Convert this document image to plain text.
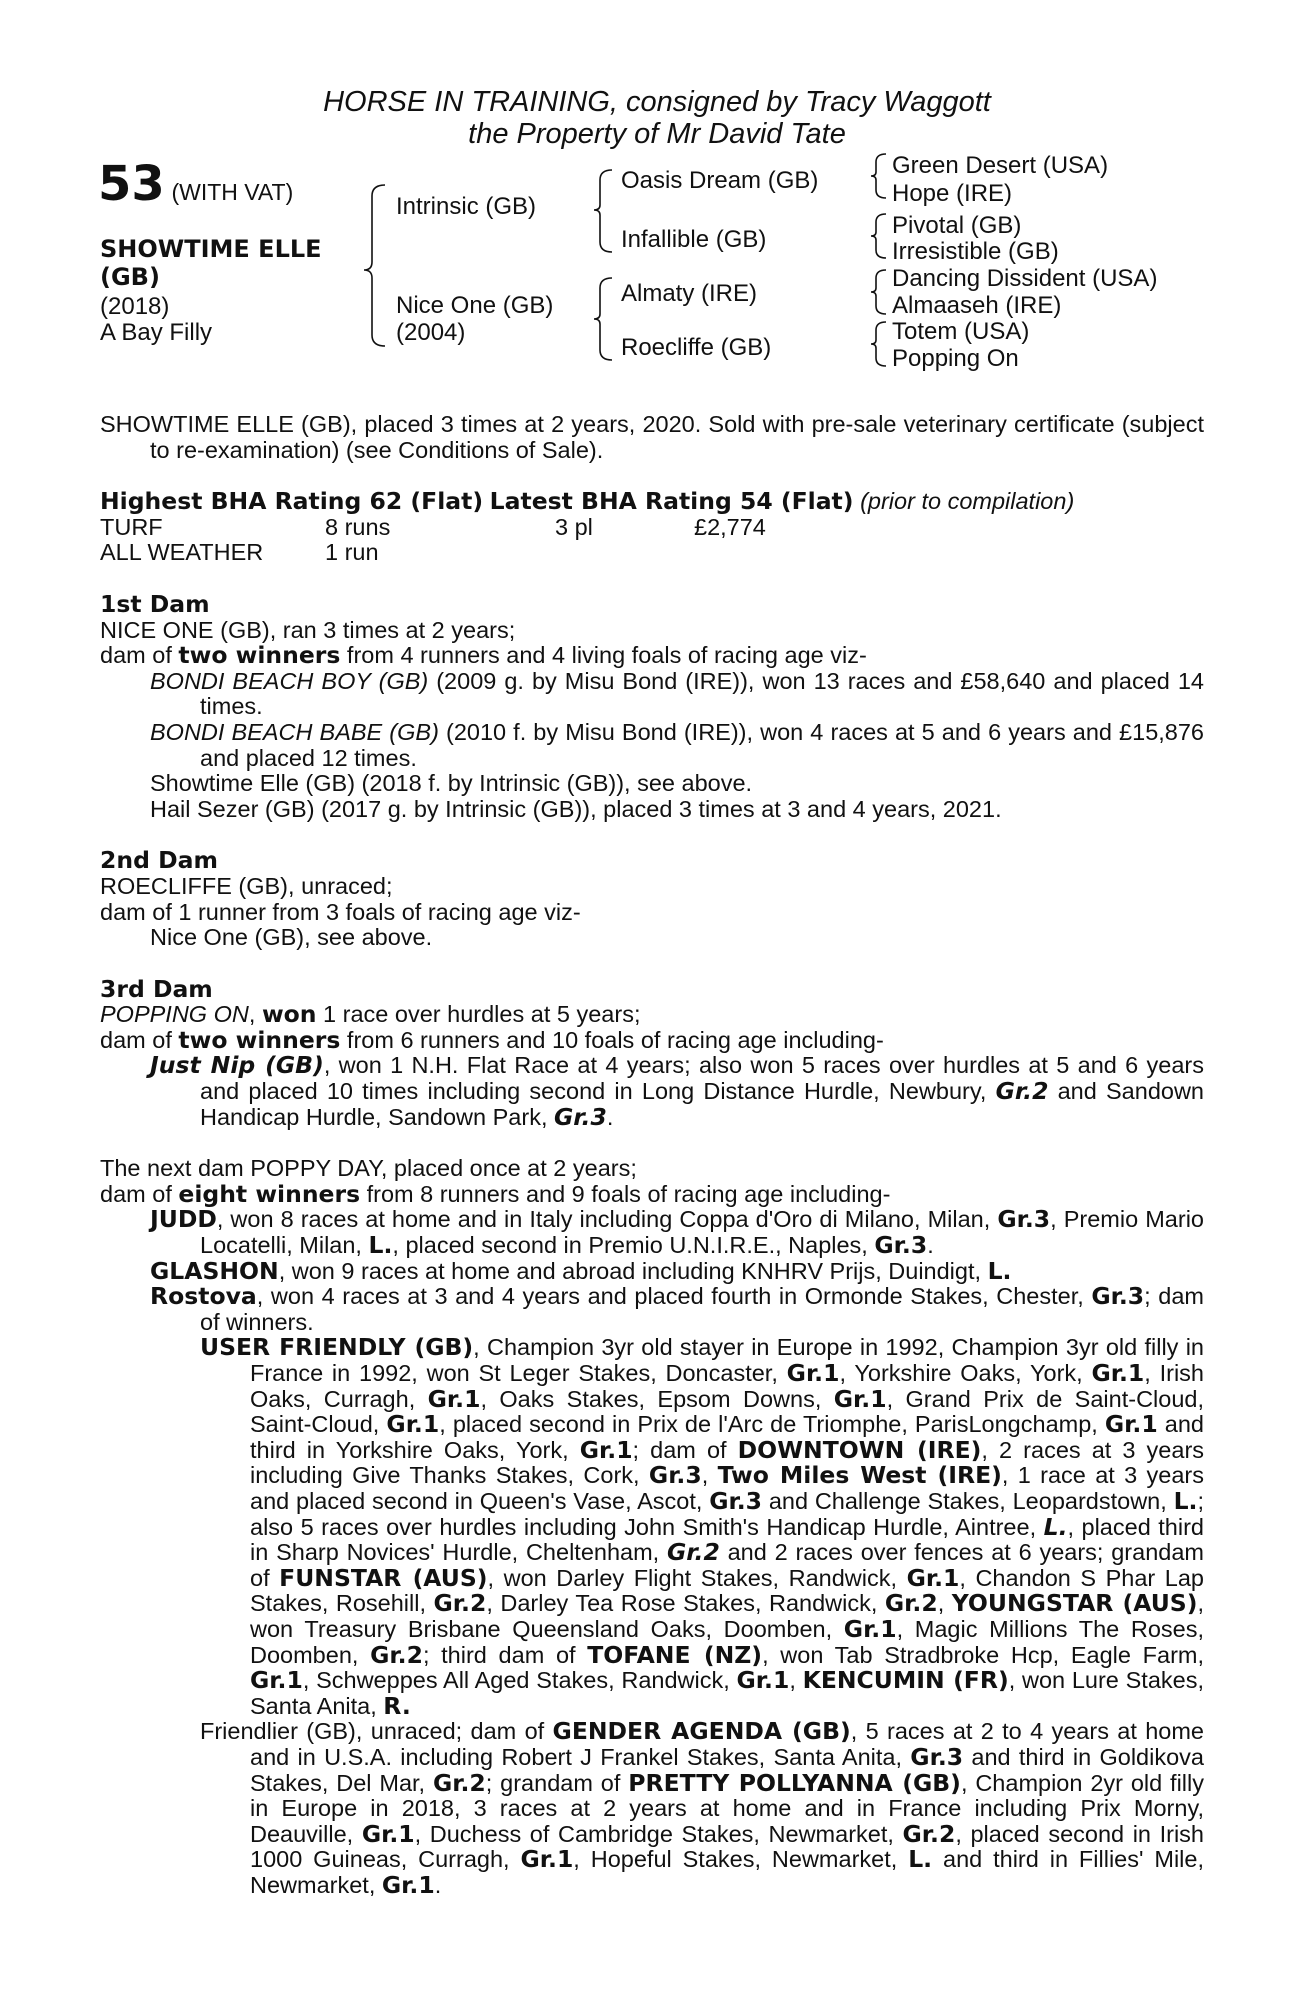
HORSE IN TRAINING, consigned by Tracy Waggott
the Property of Mr David Tate
53 (WITH VAT)
SHOWTIME ELLE
(GB)
(2018)
A Bay Filly
Intrinsic (GB)
Nice One (GB)
(2004)
Oasis Dream (GB)
Infallible (GB)
Almaty (IRE)
Roecliffe (GB)
Green Desert (USA)
Hope (IRE)
Pivotal (GB)
Irresistible (GB)
Dancing Dissident (USA)
Almaaseh (IRE)
Totem (USA)
Popping On

SHOWTIME ELLE (GB), placed 3 times at 2 years, 2020. Sold with pre-sale veterinary certificate (subject to re-examination) (see Conditions of Sale).

Highest BHA Rating 62 (Flat) Latest BHA Rating 54 (Flat) (prior to compilation)

TURF	8 runs	3 pl	£2,774
ALL WEATHER	1 run

1st Dam

NICE ONE (GB), ran 3 times at 2 years;

dam of two winners from 4 runners and 4 living foals of racing age viz-

BONDI BEACH BOY (GB) (2009 g. by Misu Bond (IRE)), won 13 races and £58,640 and placed 14 times.

BONDI BEACH BABE (GB) (2010 f. by Misu Bond (IRE)), won 4 races at 5 and 6 years and £15,876 and placed 12 times.

Showtime Elle (GB) (2018 f. by Intrinsic (GB)), see above.

Hail Sezer (GB) (2017 g. by Intrinsic (GB)), placed 3 times at 3 and 4 years, 2021.

2nd Dam

ROECLIFFE (GB), unraced;

dam of 1 runner from 3 foals of racing age viz-

Nice One (GB), see above.

3rd Dam

POPPING ON, won 1 race over hurdles at 5 years;

dam of two winners from 6 runners and 10 foals of racing age including-

Just Nip (GB), won 1 N.H. Flat Race at 4 years; also won 5 races over hurdles at 5 and 6 years and placed 10 times including second in Long Distance Hurdle, Newbury, Gr.2 and Sandown Handicap Hurdle, Sandown Park, Gr.3.

The next dam POPPY DAY, placed once at 2 years;

dam of eight winners from 8 runners and 9 foals of racing age including-

JUDD, won 8 races at home and in Italy including Coppa d'Oro di Milano, Milan, Gr.3, Premio Mario Locatelli, Milan, L., placed second in Premio U.N.I.R.E., Naples, Gr.3.

GLASHON, won 9 races at home and abroad including KNHRV Prijs, Duindigt, L.

Rostova, won 4 races at 3 and 4 years and placed fourth in Ormonde Stakes, Chester, Gr.3; dam of winners.

USER FRIENDLY (GB), Champion 3yr old stayer in Europe in 1992, Champion 3yr old filly in France in 1992, won St Leger Stakes, Doncaster, Gr.1, Yorkshire Oaks, York, Gr.1, Irish Oaks, Curragh, Gr.1, Oaks Stakes, Epsom Downs, Gr.1, Grand Prix de Saint-Cloud, Saint-Cloud, Gr.1, placed second in Prix de l'Arc de Triomphe, ParisLongchamp, Gr.1 and third in Yorkshire Oaks, York, Gr.1; dam of DOWNTOWN (IRE), 2 races at 3 years including Give Thanks Stakes, Cork, Gr.3, Two Miles West (IRE), 1 race at 3 years and placed second in Queen's Vase, Ascot, Gr.3 and Challenge Stakes, Leopardstown, L.; also 5 races over hurdles including John Smith's Handicap Hurdle, Aintree, L., placed third in Sharp Novices' Hurdle, Cheltenham, Gr.2 and 2 races over fences at 6 years; grandam of FUNSTAR (AUS), won Darley Flight Stakes, Randwick, Gr.1, Chandon S Phar Lap Stakes, Rosehill, Gr.2, Darley Tea Rose Stakes, Randwick, Gr.2, YOUNGSTAR (AUS), won Treasury Brisbane Queensland Oaks, Doomben, Gr.1, Magic Millions The Roses, Doomben, Gr.2; third dam of TOFANE (NZ), won Tab Stradbroke Hcp, Eagle Farm, Gr.1, Schweppes All Aged Stakes, Randwick, Gr.1, KENCUMIN (FR), won Lure Stakes, Santa Anita, R.

Friendlier (GB), unraced; dam of GENDER AGENDA (GB), 5 races at 2 to 4 years at home and in U.S.A. including Robert J Frankel Stakes, Santa Anita, Gr.3 and third in Goldikova Stakes, Del Mar, Gr.2; grandam of PRETTY POLLYANNA (GB), Champion 2yr old filly in Europe in 2018, 3 races at 2 years at home and in France including Prix Morny, Deauville, Gr.1, Duchess of Cambridge Stakes, Newmarket, Gr.2, placed second in Irish 1000 Guineas, Curragh, Gr.1, Hopeful Stakes, Newmarket, L. and third in Fillies' Mile, Newmarket, Gr.1.
